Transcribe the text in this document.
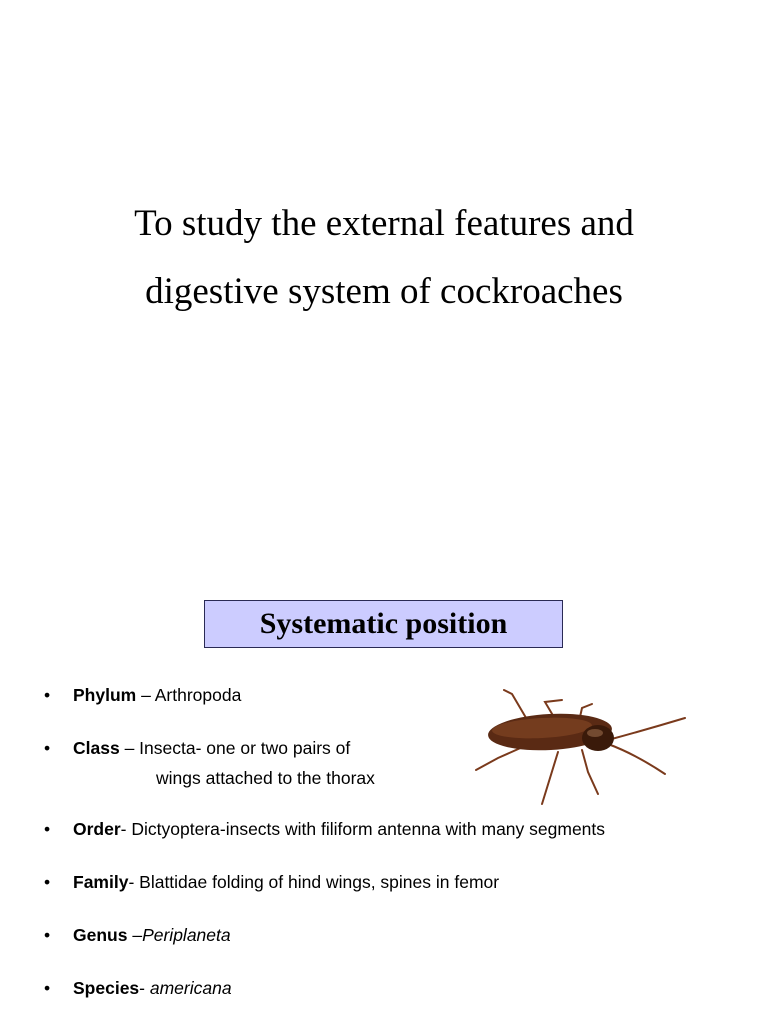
To study the external features and
digestive system of cockroaches
Systematic position
• Phylum – Arthropoda
• Class – Insecta- one or two pairs of
wings attached to the thorax
• Order- Dictyoptera-insects with filiform antenna with many segments
• Family- Blattidae folding of hind wings, spines in femor
• Genus –Periplaneta
• Species- americana
